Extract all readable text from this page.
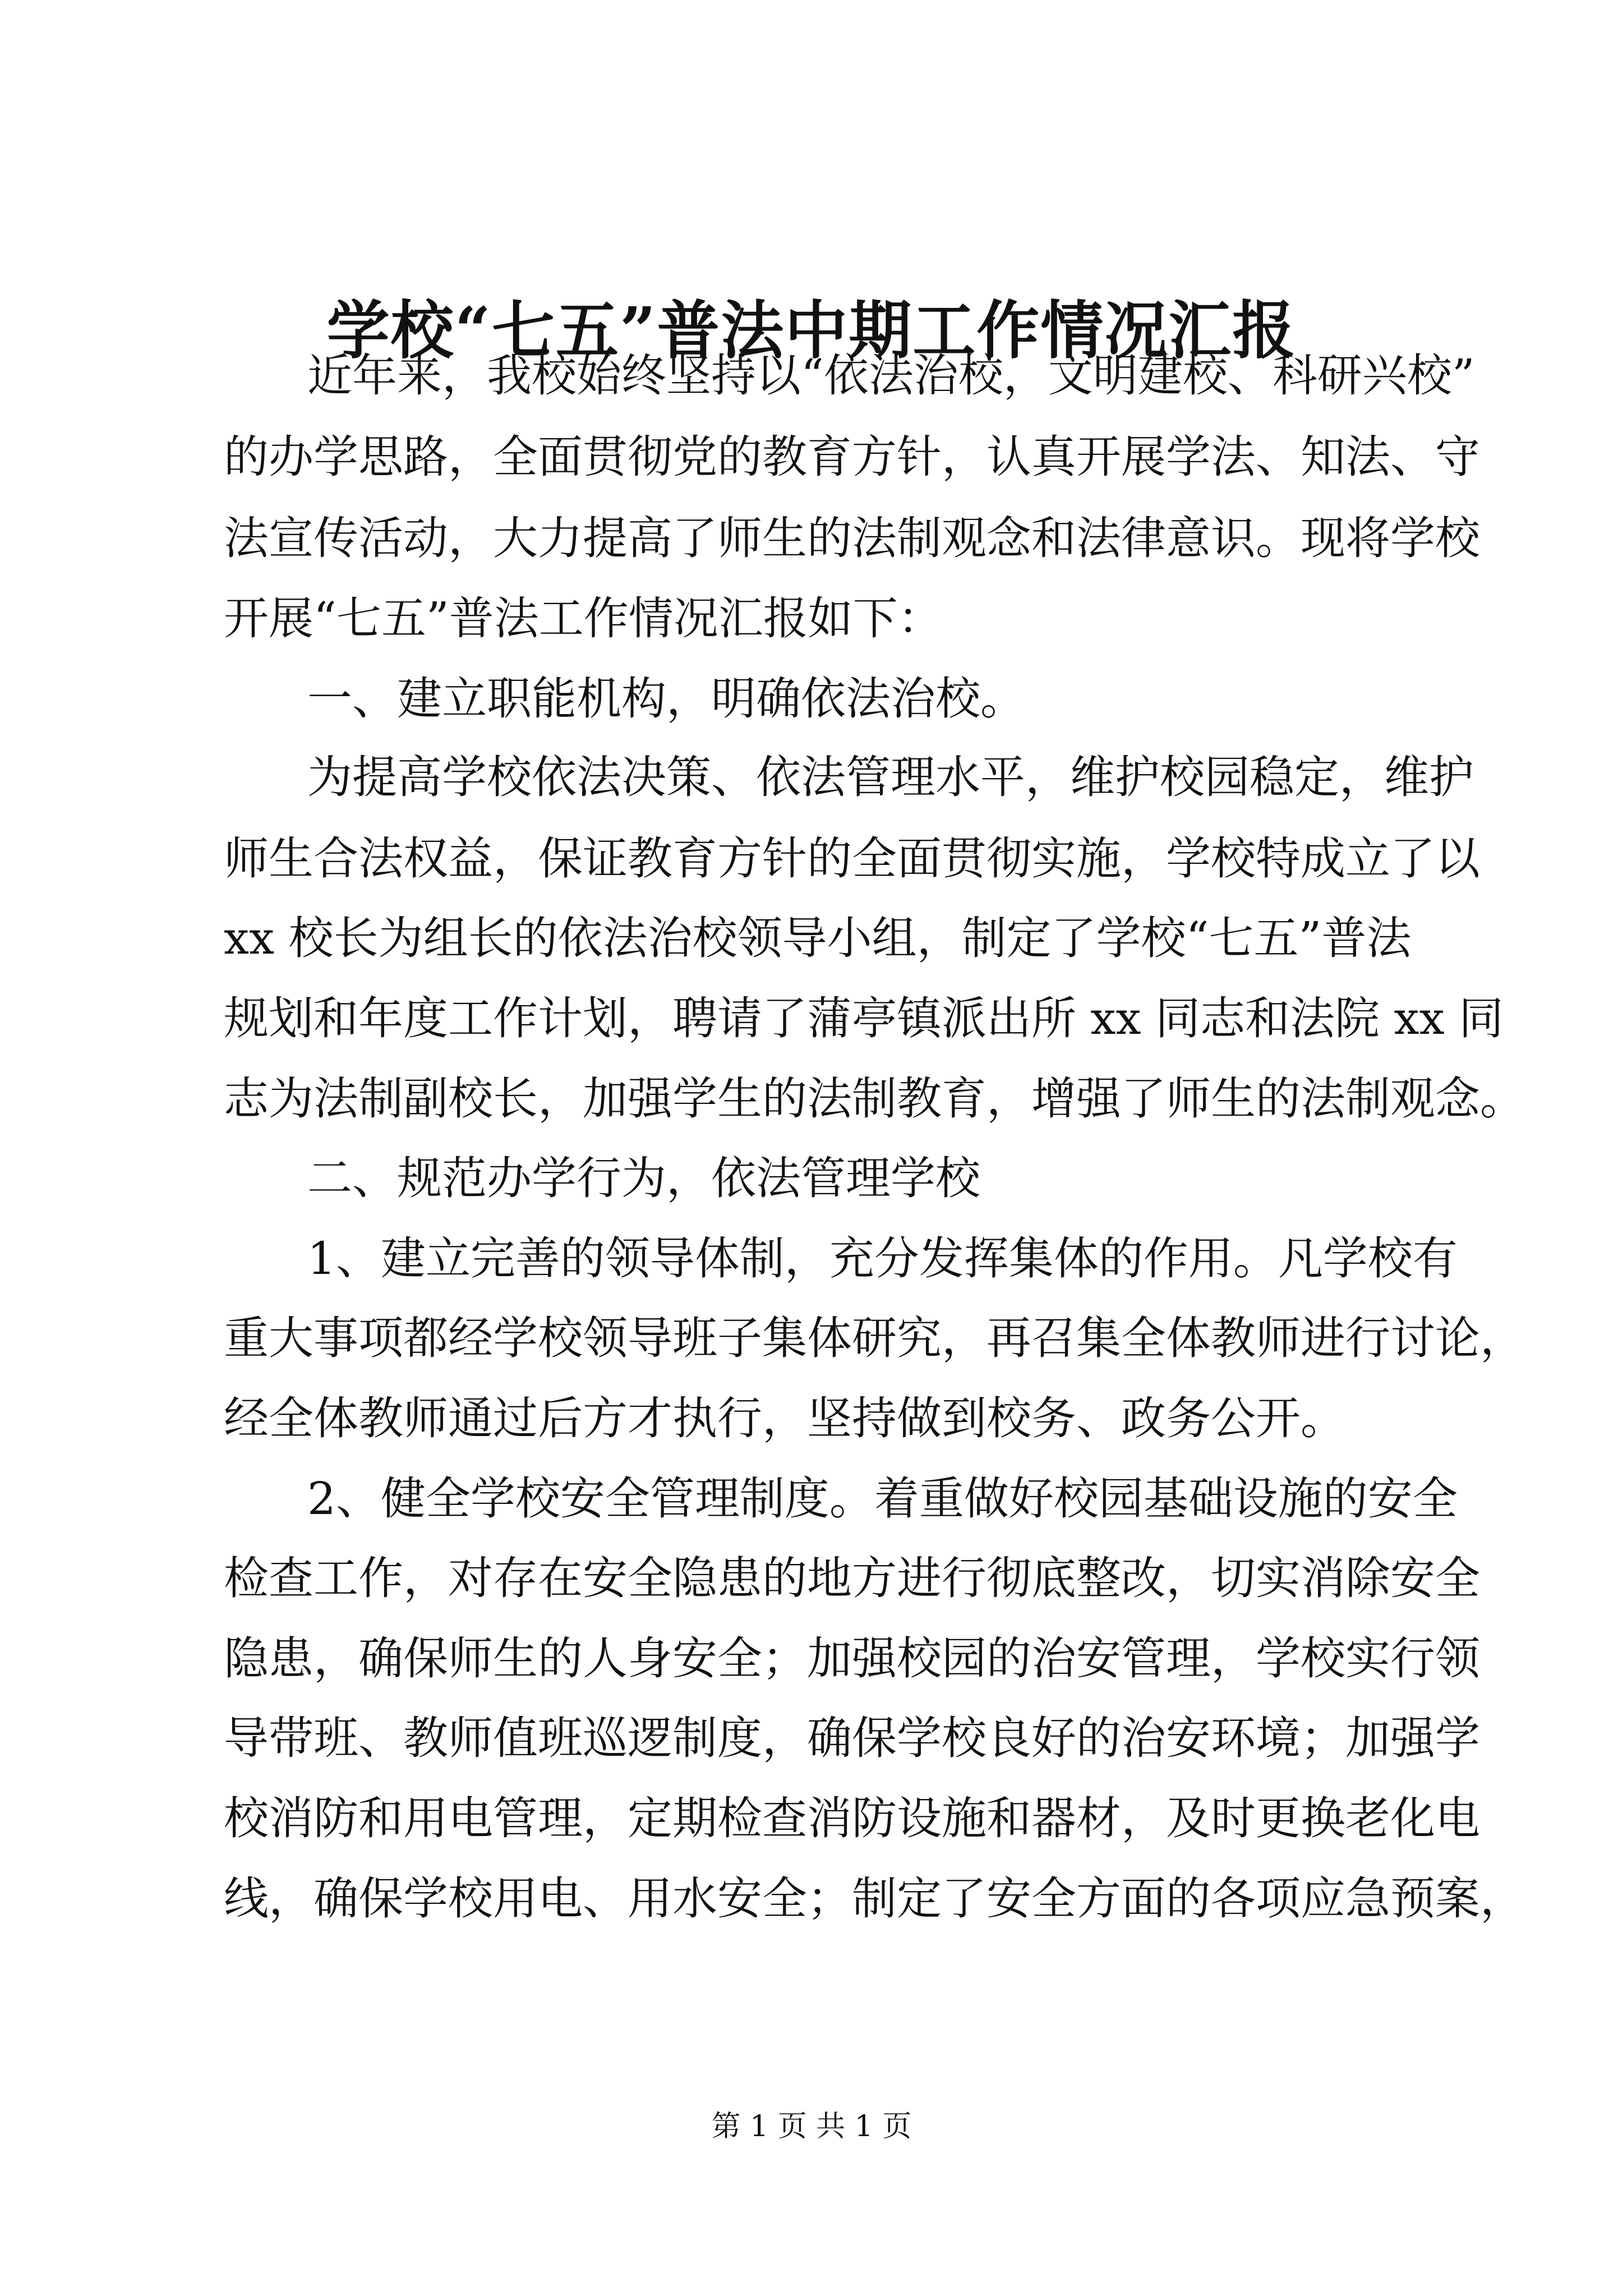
学校“七五”普法中期工作情况汇报
近年来，我校始终坚持以“依法治校，文明建校、科研兴校”
的办学思路，全面贯彻党的教育方针，认真开展学法、知法、守
法宣传活动，大力提高了师生的法制观念和法律意识。现将学校
开展“七五”普法工作情况汇报如下：
一、建立职能机构，明确依法治校。
为提高学校依法决策、依法管理水平，维护校园稳定，维护
师生合法权益，保证教育方针的全面贯彻实施，学校特成立了以
xx 校长为组长的依法治校领导小组，制定了学校“七五”普法
规划和年度工作计划，聘请了蒲亭镇派出所 xx 同志和法院 xx 同
志为法制副校长，加强学生的法制教育，增强了师生的法制观念。
二、规范办学行为，依法管理学校
1、建立完善的领导体制，充分发挥集体的作用。凡学校有
重大事项都经学校领导班子集体研究，再召集全体教师进行讨论，
经全体教师通过后方才执行，坚持做到校务、政务公开。
2、健全学校安全管理制度。着重做好校园基础设施的安全
检查工作，对存在安全隐患的地方进行彻底整改，切实消除安全
隐患，确保师生的人身安全；加强校园的治安管理，学校实行领
导带班、教师值班巡逻制度，确保学校良好的治安环境；加强学
校消防和用电管理，定期检查消防设施和器材，及时更换老化电
线，确保学校用电、用水安全；制定了安全方面的各项应急预案，
第 1 页 共 1 页
